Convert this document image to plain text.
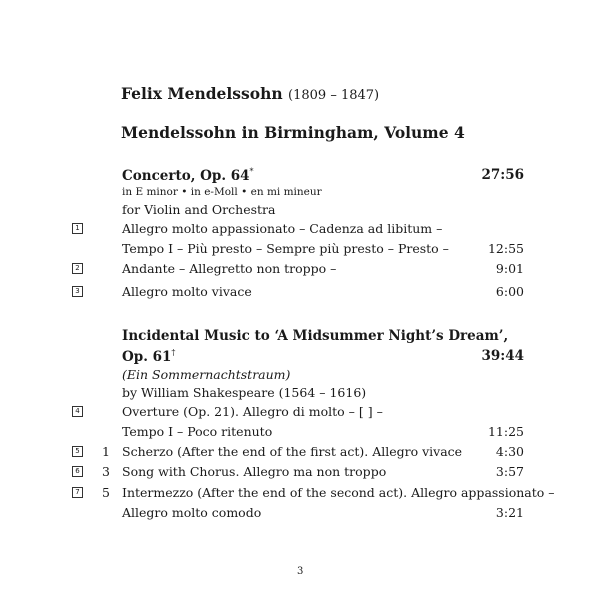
Felix Mendelssohn (1809 – 1847)
Mendelssohn in Birmingham, Volume 4
Concerto, Op. 64*	27:56
in E minor • in e-Moll • en mi mineur
for Violin and Orchestra
1	Allegro molto appassionato – Cadenza ad libitum –
Tempo I – Più presto – Sempre più presto – Presto –	12:55
2	Andante – Allegretto non troppo –	9:01
3	Allegro molto vivace	6:00
Incidental Music to ‘A Midsummer Night’s Dream’,
Op. 61†	39:44
(Ein Sommernachtstraum)
by William Shakespeare (1564 – 1616)
4	Overture (Op. 21). Allegro di molto – [ ] –
Tempo I – Poco ritenuto	11:25
5 1 Scherzo (After the end of the first act). Allegro vivace	4:30
6 3 Song with Chorus. Allegro ma non troppo	3:57
7 5 Intermezzo (After the end of the second act). Allegro appassionato –
Allegro molto comodo	3:21
3
